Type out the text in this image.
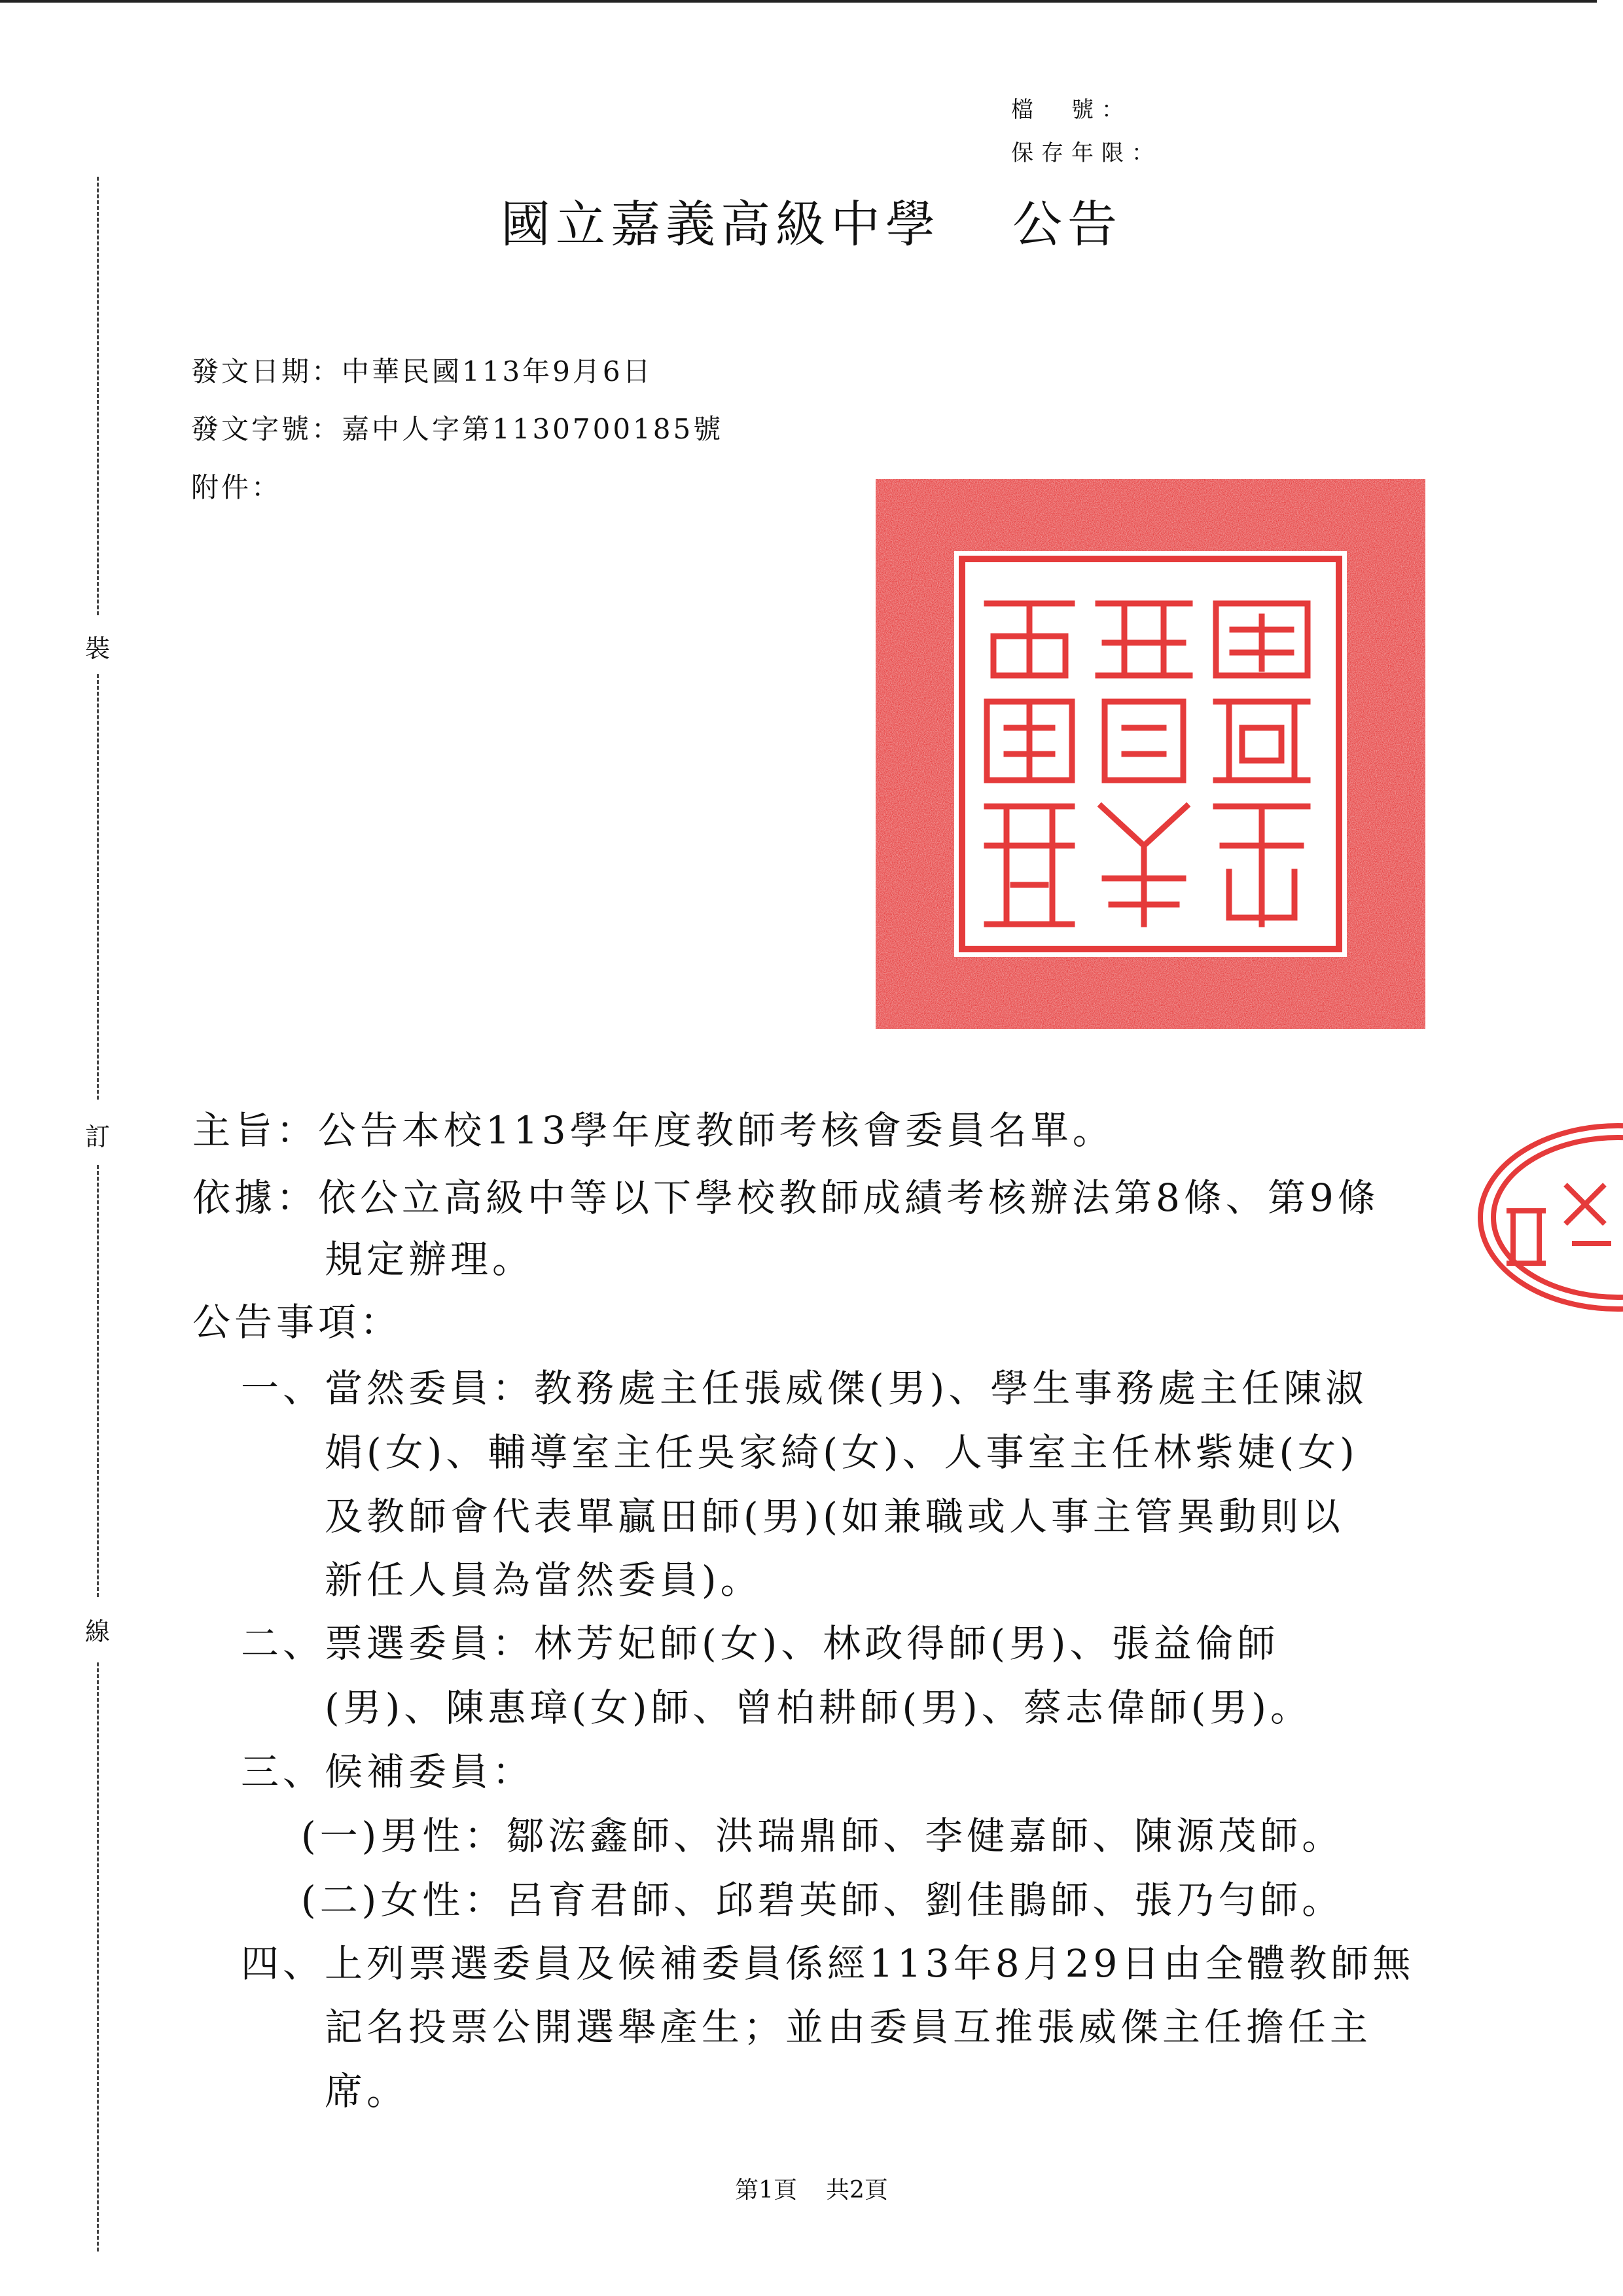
檔　號：
保存年限：
裝
訂
線
國立嘉義高級中學 公告
發文日期：中華民國113年9月6日
發文字號：嘉中人字第1130700185號
附件：
主旨：公告本校113學年度教師考核會委員名單。
依據：依公立高級中等以下學校教師成績考核辦法第8條、第9條
規定辦理。
公告事項：
一、當然委員：教務處主任張威傑(男)、學生事務處主任陳淑
娟(女)、輔導室主任吳家綺(女)、人事室主任林紫婕(女)
及教師會代表單贏田師(男)(如兼職或人事主管異動則以
新任人員為當然委員)。
二、票選委員：林芳妃師(女)、林政得師(男)、張益倫師
(男)、陳惠璋(女)師、曾柏耕師(男)、蔡志偉師(男)。
三、候補委員：
(一)男性：鄒浤鑫師、洪瑞鼎師、李健嘉師、陳源茂師。
(二)女性：呂育君師、邱碧英師、劉佳鵑師、張乃勻師。
四、上列票選委員及候補委員係經113年8月29日由全體教師無
記名投票公開選舉產生；並由委員互推張威傑主任擔任主
席。
第1頁 共2頁
